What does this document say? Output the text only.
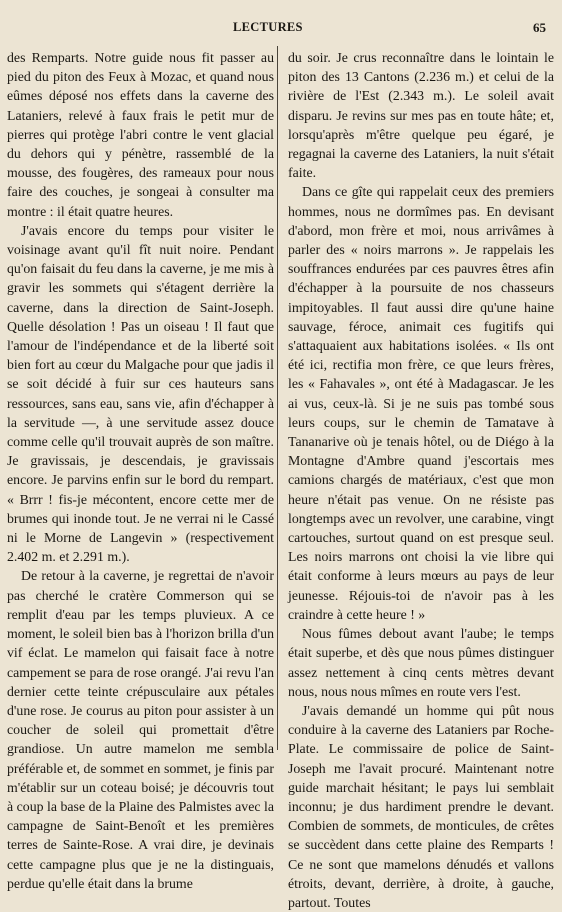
LECTURES	65

des Remparts. Notre guide nous fit passer au pied du piton des Feux à Mozac, et quand nous eûmes déposé nos effets dans la caverne des Lataniers, relevé à faux frais le petit mur de pierres qui protège l'abri contre le vent glacial du dehors qui y pénètre, rassemblé de la mousse, des fougères, des rameaux pour nous faire des couches, je songeai à consulter ma montre : il était quatre heures.

J'avais encore du temps pour visiter le voisinage avant qu'il fît nuit noire. Pendant qu'on faisait du feu dans la caverne, je me mis à gravir les sommets qui s'étagent derrière la caverne, dans la direction de Saint-Joseph. Quelle désolation ! Pas un oiseau ! Il faut que l'amour de l'indépendance et de la liberté soit bien fort au cœur du Malgache pour que jadis il se soit décidé à fuir sur ces hauteurs sans ressources, sans eau, sans vie, afin d'échapper à la servitude —, à une servitude assez douce comme celle qu'il trouvait auprès de son maître. Je gravissais, je descendais, je gravissais encore. Je parvins enfin sur le bord du rempart. « Brrr ! fis-je mécontent, encore cette mer de brumes qui inonde tout. Je ne verrai ni le Cassé ni le Morne de Langevin » (respectivement 2.402 m. et 2.291 m.).

De retour à la caverne, je regrettai de n'avoir pas cherché le cratère Commerson qui se remplit d'eau par les temps pluvieux. A ce moment, le soleil bien bas à l'horizon brilla d'un vif éclat. Le mamelon qui faisait face à notre campement se para de rose orangé. J'ai revu l'an dernier cette teinte crépusculaire aux pétales d'une rose. Je courus au piton pour assister à un coucher de soleil qui promettait d'être grandiose. Un autre mamelon me sembla préférable et, de sommet en sommet, je finis par m'établir sur un coteau boisé; je découvris tout à coup la base de la Plaine des Palmistes avec la campagne de Saint-Benoît et les premières terres de Sainte-Rose. A vrai dire, je devinais cette campagne plus que je ne la distinguais, perdue qu'elle était dans la brume

du soir. Je crus reconnaître dans le lointain le piton des 13 Cantons (2.236 m.) et celui de la rivière de l'Est (2.343 m.). Le soleil avait disparu. Je revins sur mes pas en toute hâte; et, lorsqu'après m'être quelque peu égaré, je regagnai la caverne des Lataniers, la nuit s'était faite.

Dans ce gîte qui rappelait ceux des premiers hommes, nous ne dormîmes pas. En devisant d'abord, mon frère et moi, nous arrivâmes à parler des « noirs marrons ». Je rappelais les souffrances endurées par ces pauvres êtres afin d'échapper à la poursuite de nos chasseurs impitoyables. Il faut aussi dire qu'une haine sauvage, féroce, animait ces fugitifs qui s'attaquaient aux habitations isolées. « Ils ont été ici, rectifia mon frère, ce que leurs frères, les « Fahavales », ont été à Madagascar. Je les ai vus, ceux-là. Si je ne suis pas tombé sous leurs coups, sur le chemin de Tamatave à Tananarive où je tenais hôtel, ou de Diégo à la Montagne d'Ambre quand j'escortais mes camions chargés de matériaux, c'est que mon heure n'était pas venue. On ne résiste pas longtemps avec un revolver, une carabine, vingt cartouches, surtout quand on est presque seul. Les noirs marrons ont choisi la vie libre qui était conforme à leurs mœurs au pays de leur jeunesse. Réjouis-toi de n'avoir pas à les craindre à cette heure ! »

Nous fûmes debout avant l'aube; le temps était superbe, et dès que nous pûmes distinguer assez nettement à cinq cents mètres devant nous, nous nous mîmes en route vers l'est.

J'avais demandé un homme qui pût nous conduire à la caverne des Lataniers par Roche-Plate. Le commissaire de police de Saint-Joseph me l'avait procuré. Maintenant notre guide marchait hésitant; le pays lui semblait inconnu; je dus hardiment prendre le devant. Combien de sommets, de monticules, de crêtes se succèdent dans cette plaine des Remparts ! Ce ne sont que mamelons dénudés et vallons étroits, devant, derrière, à droite, à gauche, partout. Toutes
